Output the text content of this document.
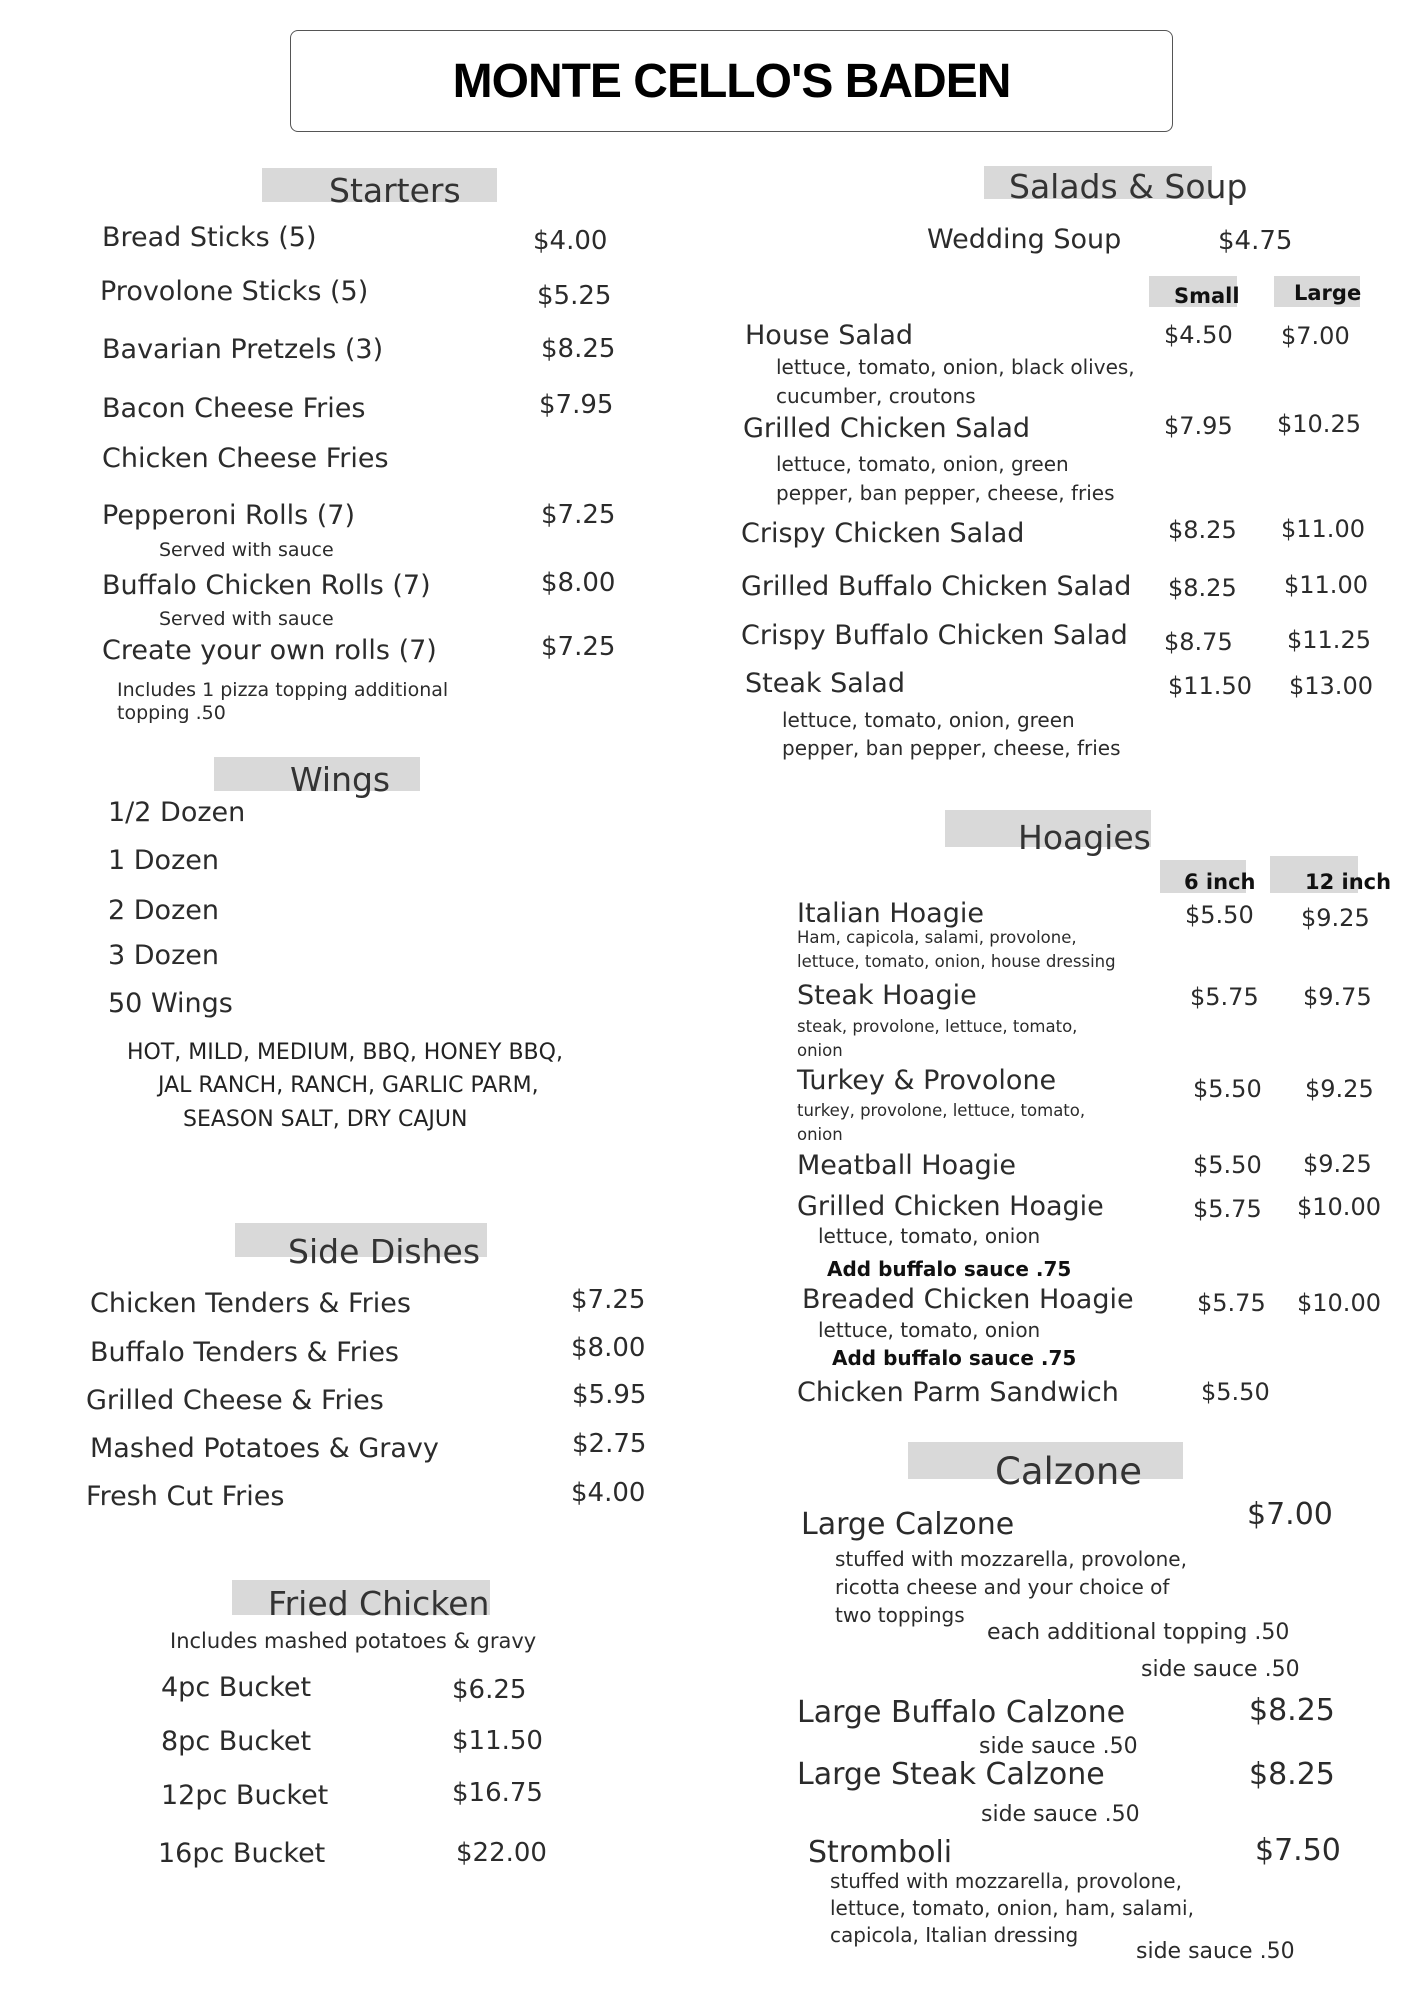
MONTE CELLO'S BADEN
Starters
Bread Sticks (5)	$4.00
Provolone Sticks (5)	$5.25
Bavarian Pretzels (3)	$8.25
Bacon Cheese Fries	$7.95
Chicken Cheese Fries
Pepperoni Rolls (7)	$7.25
Served with sauce
Buffalo Chicken Rolls (7)	$8.00
Served with sauce
Create your own rolls (7)	$7.25
Includes 1 pizza topping additional
topping .50
Wings
1/2 Dozen
1 Dozen
2 Dozen
3 Dozen
50 Wings
HOT, MILD, MEDIUM, BBQ, HONEY BBQ,
JAL RANCH, RANCH, GARLIC PARM,
SEASON SALT, DRY CAJUN
Side Dishes
Chicken Tenders & Fries	$7.25
Buffalo Tenders & Fries	$8.00
Grilled Cheese & Fries	$5.95
Mashed Potatoes & Gravy	$2.75
Fresh Cut Fries	$4.00
Fried Chicken
Includes mashed potatoes & gravy
4pc Bucket	$6.25
8pc Bucket	$11.50
12pc Bucket	$16.75
16pc Bucket	$22.00
Salads & Soup
Wedding Soup	$4.75
Small	Large
House Salad	$4.50 $7.00
lettuce, tomato, onion, black olives,
cucumber, croutons
Grilled Chicken Salad	$7.95 $10.25
lettuce, tomato, onion, green
pepper, ban pepper, cheese, fries
Crispy Chicken Salad	$8.25 $11.00
Grilled Buffalo Chicken Salad $8.25 $11.00
Crispy Buffalo Chicken Salad $8.75 $11.25
Steak Salad	$11.50 $13.00
lettuce, tomato, onion, green
pepper, ban pepper, cheese, fries
Hoagies
6 inch 12 inch
Italian Hoagie	$5.50 $9.25
Ham, capicola, salami, provolone,
lettuce, tomato, onion, house dressing
Steak Hoagie	$5.75 $9.75
steak, provolone, lettuce, tomato,
onion
Turkey & Provolone	$5.50 $9.25
turkey, provolone, lettuce, tomato,
onion
Meatball Hoagie	$5.50 $9.25
Grilled Chicken Hoagie	$5.75 $10.00
lettuce, tomato, onion
Add buffalo sauce .75
Breaded Chicken Hoagie	$5.75 $10.00
lettuce, tomato, onion
Add buffalo sauce .75
Chicken Parm Sandwich	$5.50
Calzone
Large Calzone	$7.00
stuffed with mozzarella, provolone,
ricotta cheese and your choice of
two toppings
each additional topping .50
side sauce .50
Large Buffalo Calzone	$8.25
side sauce .50
Large Steak Calzone	$8.25
side sauce .50
Stromboli	$7.50
stuffed with mozzarella, provolone,
lettuce, tomato, onion, ham, salami,
capicola, Italian dressing
side sauce .50
